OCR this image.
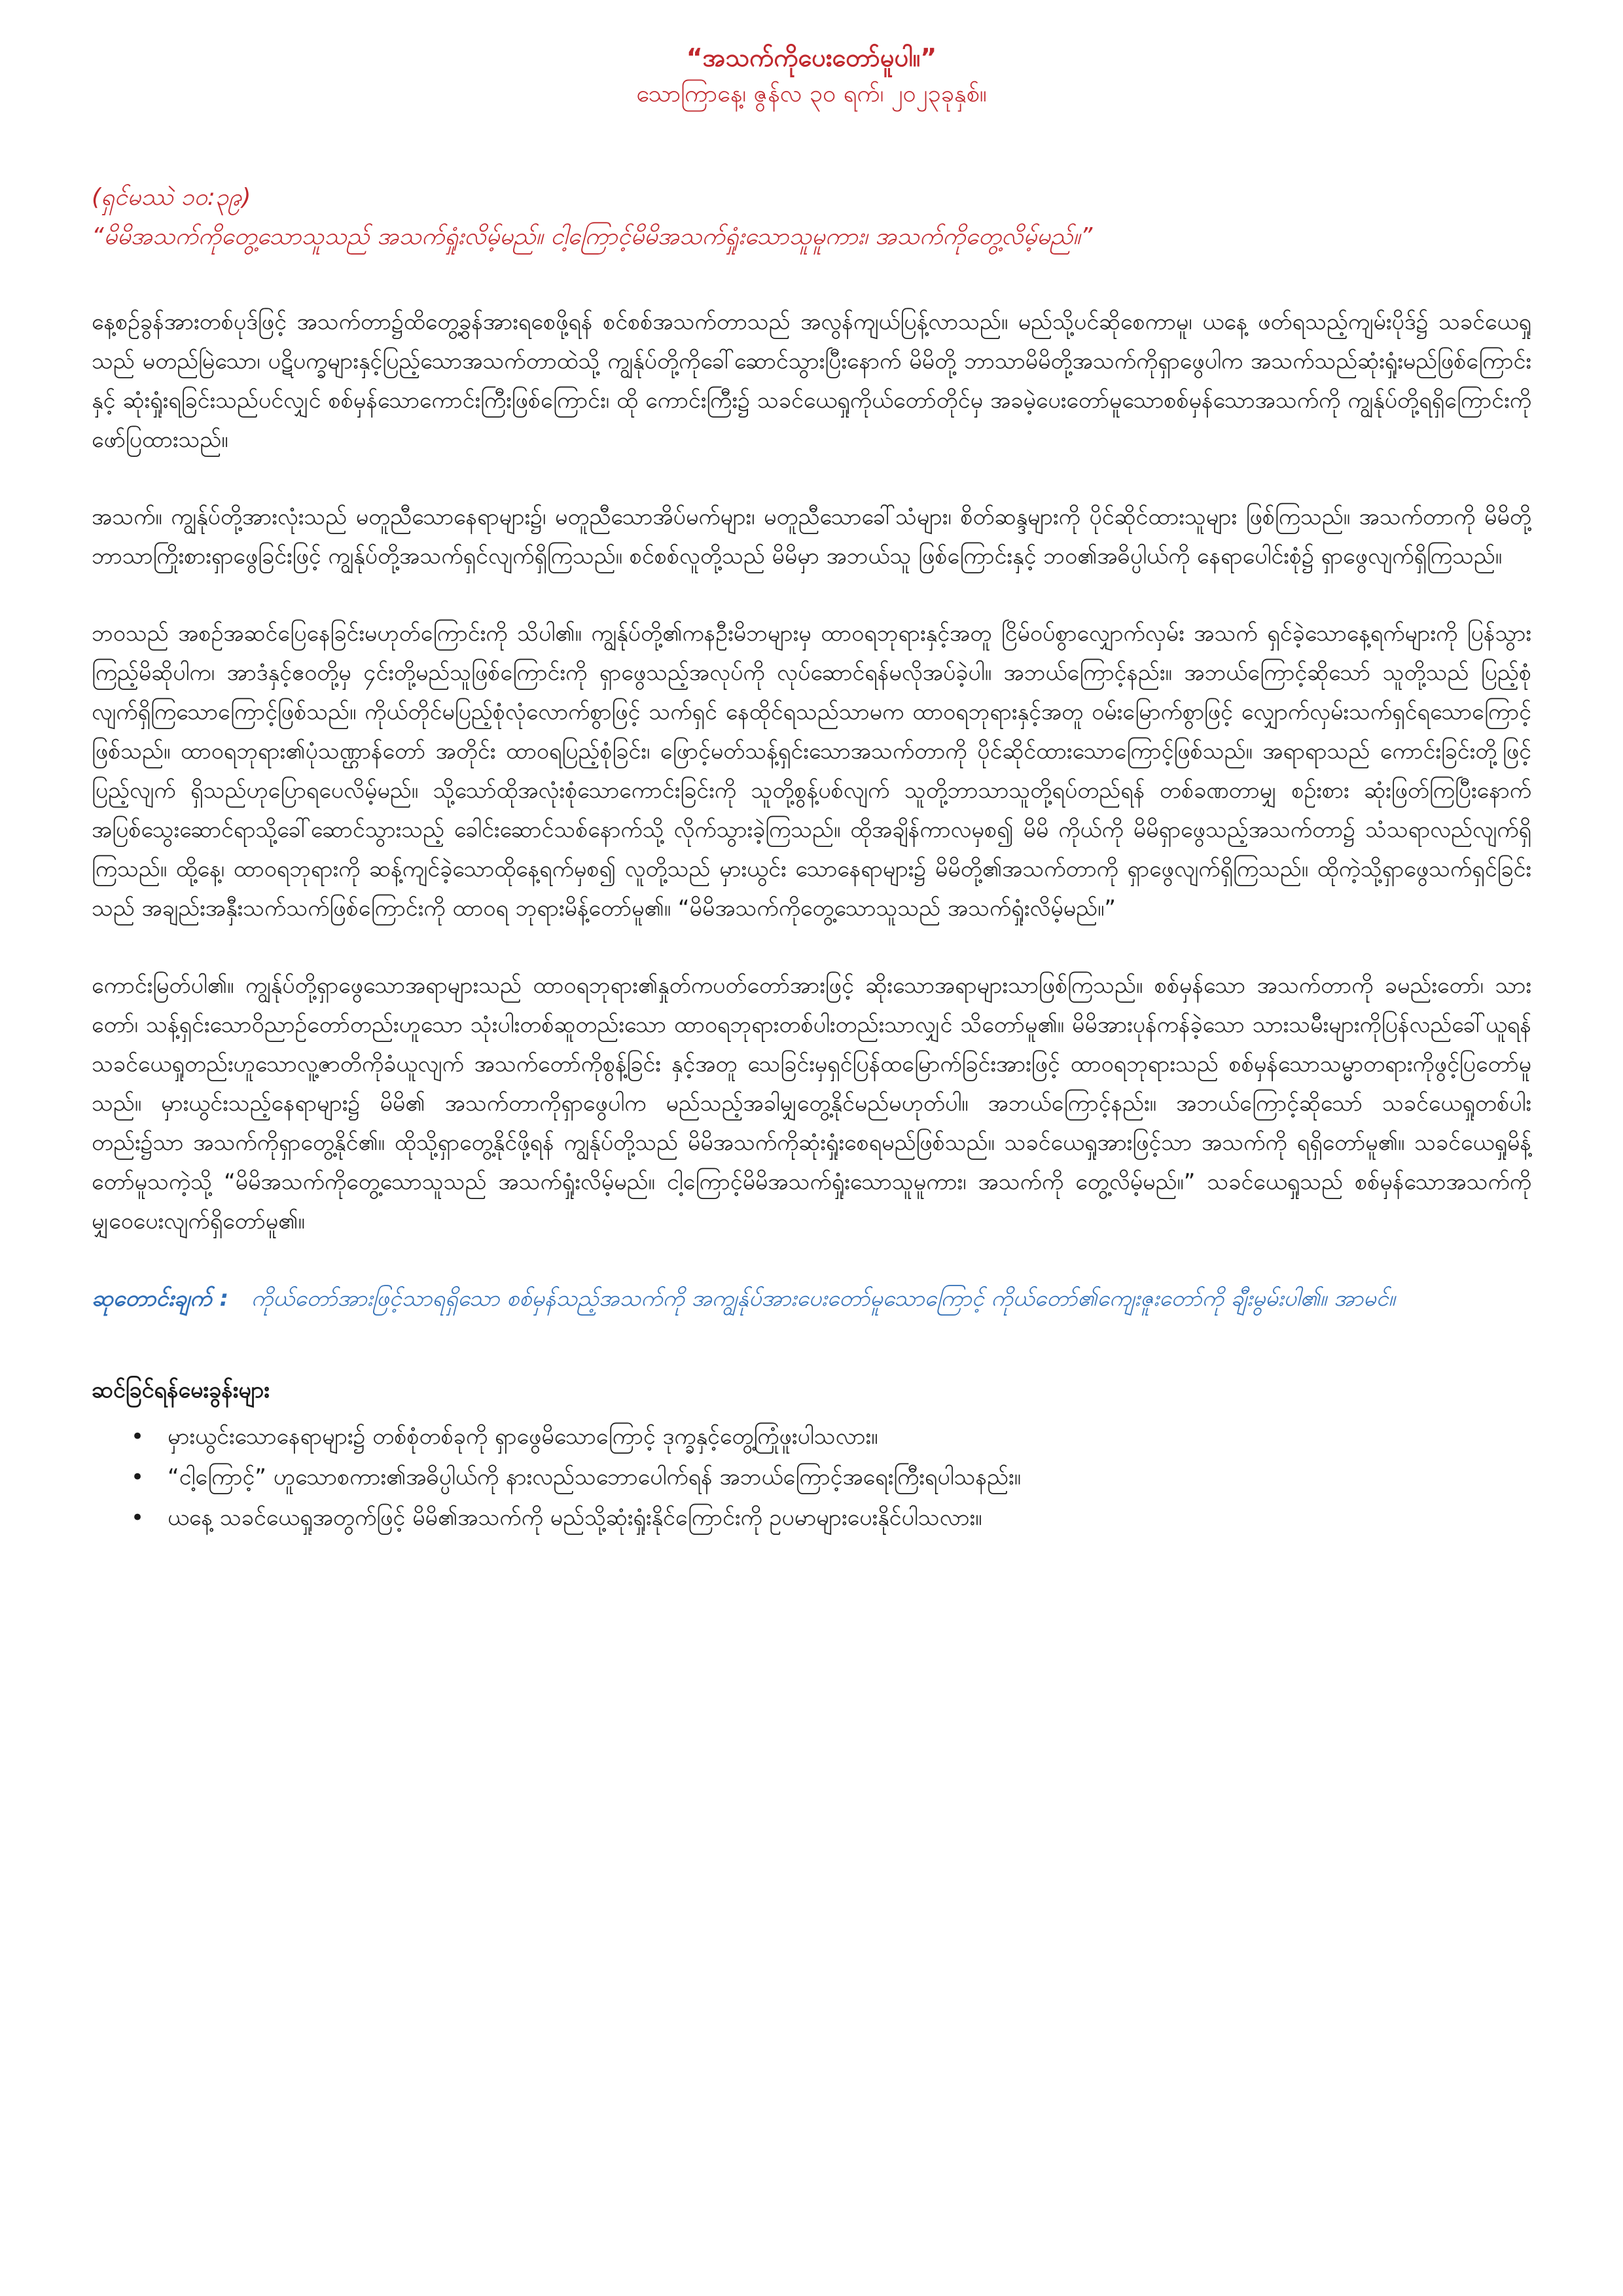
“အသက်ကိုပေးတော်မူပါ။”

သောကြာနေ့၊ ဇွန်လ ၃၀ ရက်၊ ၂၀၂၃ခုနှစ်။

(ရှင်မဿဲ ၁၀:၃၉)

“မိမိအသက်ကိုတွေ့သောသူသည် အသက်ရှုံးလိမ့်မည်။ ငါ့ကြောင့်မိမိအသက်ရှုံးသောသူမူကား၊ အသက်ကိုတွေ့လိမ့်မည်။”

နေ့စဉ်ခွန်အားတစ်ပုဒ်ဖြင့် အသက်တာ၌ထိတွေ့ခွန်အားရစေဖို့ရန် စင်စစ်အသက်တာသည် အလွန်ကျယ်ပြန့်လာသည်။ မည်သို့ပင်ဆိုစေကာမူ၊ ယနေ့ ဖတ်ရသည့်ကျမ်းပိုဒ်၌ သခင်ယေရှုသည် မတည်မြဲသော၊ ပဋိပက္ခများနှင့်ပြည့်သောအသက်တာထဲသို့ ကျွန်ုပ်တို့ကိုခေါ်ဆောင်သွားပြီးနောက် မိမိတို့ ဘာသာမိမိတို့အသက်ကိုရှာဖွေပါက အသက်သည်ဆုံးရှုံးမည်ဖြစ်ကြောင်းနှင့် ဆုံးရှုံးရခြင်းသည်ပင်လျှင် စစ်မှန်သောကောင်းကြီးဖြစ်ကြောင်း၊ ထို ကောင်းကြီး၌ သခင်ယေရှုကိုယ်တော်တိုင်မှ အခမဲ့ပေးတော်မူသောစစ်မှန်သောအသက်ကို ကျွန်ုပ်တို့ရရှိကြောင်းကို ဖော်ပြထားသည်။

အသက်။ ကျွန်ုပ်တို့အားလုံးသည် မတူညီသောနေရာများ၌၊ မတူညီသောအိပ်မက်များ၊ မတူညီသောခေါ်သံများ၊ စိတ်ဆန္ဒများကို ပိုင်ဆိုင်ထားသူများ ဖြစ်ကြသည်။ အသက်တာကို မိမိတို့ဘာသာကြိုးစားရှာဖွေခြင်းဖြင့် ကျွန်ုပ်တို့အသက်ရှင်လျက်ရှိကြသည်။ စင်စစ်လူတို့သည် မိမိမှာ အဘယ်သူ ဖြစ်ကြောင်းနှင့် ဘဝ၏အဓိပ္ပါယ်ကို နေရာပေါင်းစုံ၌ ရှာဖွေလျက်ရှိကြသည်။

ဘဝသည် အစဉ်အဆင်ပြေနေခြင်းမဟုတ်ကြောင်းကို သိပါ၏။ ကျွန်ုပ်တို့၏ကနဦးမိဘများမှ ထာဝရဘုရားနှင့်အတူ ငြိမ်ဝပ်စွာလျှောက်လှမ်း အသက် ရှင်ခဲ့သောနေ့ရက်များကို ပြန်သွားကြည့်မိဆိုပါက၊ အာဒံနှင့်ဧဝတို့မှ ၄င်းတို့မည်သူဖြစ်ကြောင်းကို ရှာဖွေသည့်အလုပ်ကို လုပ်ဆောင်ရန်မလိုအပ်ခဲ့ပါ။ အဘယ်ကြောင့်နည်း။ အဘယ်ကြောင့်ဆိုသော် သူတို့သည် ပြည့်စုံလျက်ရှိကြသောကြောင့်ဖြစ်သည်။ ကိုယ်တိုင်မပြည့်စုံလုံလောက်စွာဖြင့် သက်ရှင် နေထိုင်ရသည်သာမက ထာဝရဘုရားနှင့်အတူ ဝမ်းမြောက်စွာဖြင့် လျှောက်လှမ်းသက်ရှင်ရသောကြောင့်ဖြစ်သည်။ ထာဝရဘုရား၏ပုံသဏ္ဌာန်တော် အတိုင်း ထာဝရပြည့်စုံခြင်း၊ ဖြောင့်မတ်သန့်ရှင်းသောအသက်တာကို ပိုင်ဆိုင်ထားသောကြောင့်ဖြစ်သည်။ အရာရာသည် ကောင်းခြင်းတို့ဖြင့်ပြည့်လျက် ရှိသည်ဟုပြောရပေလိမ့်မည်။ သို့သော်ထိုအလုံးစုံသောကောင်းခြင်းကို သူတို့စွန့်ပစ်လျက် သူတို့ဘာသာသူတို့ရပ်တည်ရန် တစ်ခဏတာမျှ စဉ်းစား ဆုံးဖြတ်ကြပြီးနောက် အပြစ်သွေးဆောင်ရာသို့ခေါ်ဆောင်သွားသည့် ခေါင်းဆောင်သစ်နောက်သို့ လိုက်သွားခဲ့ကြသည်။ ထိုအချိန်ကာလမှစ၍ မိမိ ကိုယ်ကို မိမိရှာဖွေသည့်အသက်တာ၌ သံသရာလည်လျက်ရှိကြသည်။ ထို့နေ့၊ ထာဝရဘုရားကို ဆန့်ကျင်ခဲ့သောထိုနေ့ရက်မှစ၍ လူတို့သည် မှားယွင်း သောနေရာများ၌ မိမိတို့၏အသက်တာကို ရှာဖွေလျက်ရှိကြသည်။ ထိုကဲ့သို့ရှာဖွေသက်ရှင်ခြင်းသည် အချည်းအနှီးသက်သက်ဖြစ်ကြောင်းကို ထာဝရ ဘုရားမိန့်တော်မူ၏။ “မိမိအသက်ကိုတွေ့သောသူသည် အသက်ရှုံးလိမ့်မည်။”

ကောင်းမြတ်ပါ၏။ ကျွန်ုပ်တို့ရှာဖွေသောအရာများသည် ထာဝရဘုရား၏နှုတ်ကပတ်တော်အားဖြင့် ဆိုးသောအရာများသာဖြစ်ကြသည်။ စစ်မှန်သော အသက်တာကို ခမည်းတော်၊ သားတော်၊ သန့်ရှင်းသောဝိညာဉ်တော်တည်းဟူသော သုံးပါးတစ်ဆူတည်းသော ထာဝရဘုရားတစ်ပါးတည်းသာလျှင် သိတော်မူ၏။ မိမိအားပုန်ကန်ခဲ့သော သားသမီးများကိုပြန်လည်ခေါ်ယူရန် သခင်ယေရှုတည်းဟူသောလူ့ဇာတိကိုခံယူလျက် အသက်တော်ကိုစွန့်ခြင်း နှင့်အတူ သေခြင်းမှရှင်ပြန်ထမြောက်ခြင်းအားဖြင့် ထာဝရဘုရားသည် စစ်မှန်သောသမ္မာတရားကိုဖွင့်ပြတော်မူသည်။ မှားယွင်းသည့်နေရာများ၌ မိမိ၏ အသက်တာကိုရှာဖွေပါက မည်သည့်အခါမျှတွေ့နိုင်မည်မဟုတ်ပါ။ အဘယ်ကြောင့်နည်း။ အဘယ်ကြောင့်ဆိုသော် သခင်ယေရှုတစ်ပါးတည်း၌သာ အသက်ကိုရှာတွေ့နိုင်၏။ ထိုသို့ရှာတွေ့နိုင်ဖို့ရန် ကျွန်ုပ်တို့သည် မိမိအသက်ကိုဆုံးရှုံးစေရမည်ဖြစ်သည်။ သခင်ယေရှုအားဖြင့်သာ အသက်ကို ရရှိတော်မူ၏။ သခင်ယေရှုမိန့်တော်မူသကဲ့သို့ “မိမိအသက်ကိုတွေ့သောသူသည် အသက်ရှုံးလိမ့်မည်။ ငါ့ကြောင့်မိမိအသက်ရှုံးသောသူမူကား၊ အသက်ကို တွေ့လိမ့်မည်။” သခင်ယေရှုသည် စစ်မှန်သောအသက်ကိုမျှဝေပေးလျက်ရှိတော်မူ၏။

ဆုတောင်းချက် : ကိုယ်တော်အားဖြင့်သာရရှိသော စစ်မှန်သည့်အသက်ကို အကျွန်ုပ်အားပေးတော်မူသောကြောင့် ကိုယ်တော်၏ကျေးဇူးတော်ကို ချီးမွမ်းပါ၏။ အာမင်။

ဆင်ခြင်ရန်မေးခွန်းများ

• မှားယွင်းသောနေရာများ၌ တစ်စုံတစ်ခုကို ရှာဖွေမိသောကြောင့် ဒုက္ခနှင့်တွေ့ကြုံဖူးပါသလား။
• “ငါ့ကြောင့်” ဟူသောစကား၏အဓိပ္ပါယ်ကို နားလည်သဘောပေါက်ရန် အဘယ်ကြောင့်အရေးကြီးရပါသနည်း။
• ယနေ့ သခင်ယေရှုအတွက်ဖြင့် မိမိ၏အသက်ကို မည်သို့ဆုံးရှုံးနိုင်ကြောင်းကို ဥပမာများပေးနိုင်ပါသလား။
